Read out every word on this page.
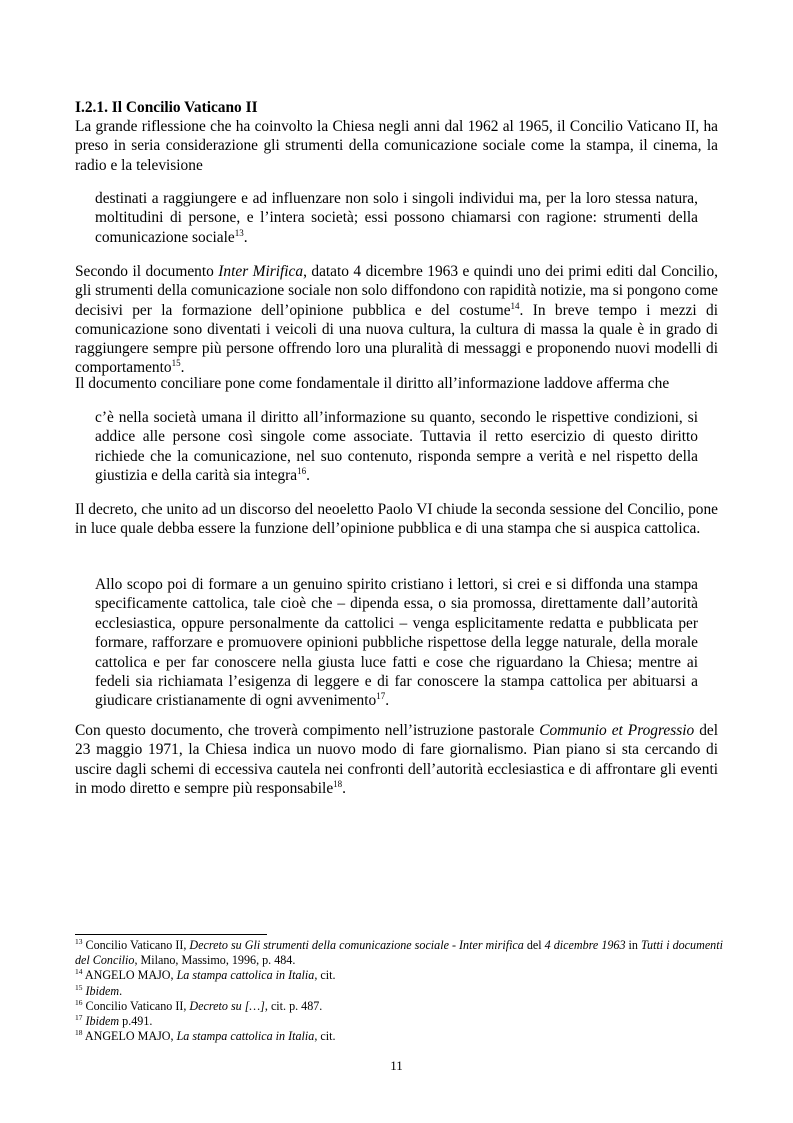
I.2.1. Il Concilio Vaticano II

La grande riflessione che ha coinvolto la Chiesa negli anni dal 1962 al 1965, il Concilio Vaticano II, ha preso in seria considerazione gli strumenti della comunicazione sociale come la stampa, il cinema, la radio e la televisione

destinati a raggiungere e ad influenzare non solo i singoli individui ma, per la loro stessa natura, moltitudini di persone, e l’intera società; essi possono chiamarsi con ragione: strumenti della comunicazione sociale$^{13}$.

Secondo il documento Inter Mirifica, datato 4 dicembre 1963 e quindi uno dei primi editi dal Concilio, gli strumenti della comunicazione sociale non solo diffondono con rapidità notizie, ma si pongono come decisivi per la formazione dell’opinione pubblica e del costume$^{14}$. In breve tempo i mezzi di comunicazione sono diventati i veicoli di una nuova cultura, la cultura di massa la quale è in grado di raggiungere sempre più persone offrendo loro una pluralità di messaggi e proponendo nuovi modelli di comportamento$^{15}$.

Il documento conciliare pone come fondamentale il diritto all’informazione laddove afferma che

c’è nella società umana il diritto all’informazione su quanto, secondo le rispettive condizioni, si addice alle persone così singole come associate. Tuttavia il retto esercizio di questo diritto richiede che la comunicazione, nel suo contenuto, risponda sempre a verità e nel rispetto della giustizia e della carità sia integra$^{16}$.

Il decreto, che unito ad un discorso del neoeletto Paolo VI chiude la seconda sessione del Concilio, pone in luce quale debba essere la funzione dell’opinione pubblica e di una stampa che si auspica cattolica.

Allo scopo poi di formare a un genuino spirito cristiano i lettori, si crei e si diffonda una stampa specificamente cattolica, tale cioè che – dipenda essa, o sia promossa, direttamente dall’autorità ecclesiastica, oppure personalmente da cattolici – venga esplicitamente redatta e pubblicata per formare, rafforzare e promuovere opinioni pubbliche rispettose della legge naturale, della morale cattolica e per far conoscere nella giusta luce fatti e cose che riguardano la Chiesa; mentre ai fedeli sia richiamata l’esigenza di leggere e di far conoscere la stampa cattolica per abituarsi a giudicare cristianamente di ogni avvenimento$^{17}$.

Con questo documento, che troverà compimento nell’istruzione pastorale Communio et Progressio del 23 maggio 1971, la Chiesa indica un nuovo modo di fare giornalismo. Pian piano si sta cercando di uscire dagli schemi di eccessiva cautela nei confronti dell’autorità ecclesiastica e di affrontare gli eventi in modo diretto e sempre più responsabile$^{18}$.

$^{13}$ Concilio Vaticano II, Decreto su Gli strumenti della comunicazione sociale - Inter mirifica del 4 dicembre 1963 in Tutti i documenti del Concilio, Milano, Massimo, 1996, p. 484.

$^{14}$ ANGELO MAJO, La stampa cattolica in Italia, cit.

$^{15}$ Ibidem.

$^{16}$ Concilio Vaticano II, Decreto su […], cit. p. 487.

$^{17}$ Ibidem p.491.

$^{18}$ ANGELO MAJO, La stampa cattolica in Italia, cit.

11
